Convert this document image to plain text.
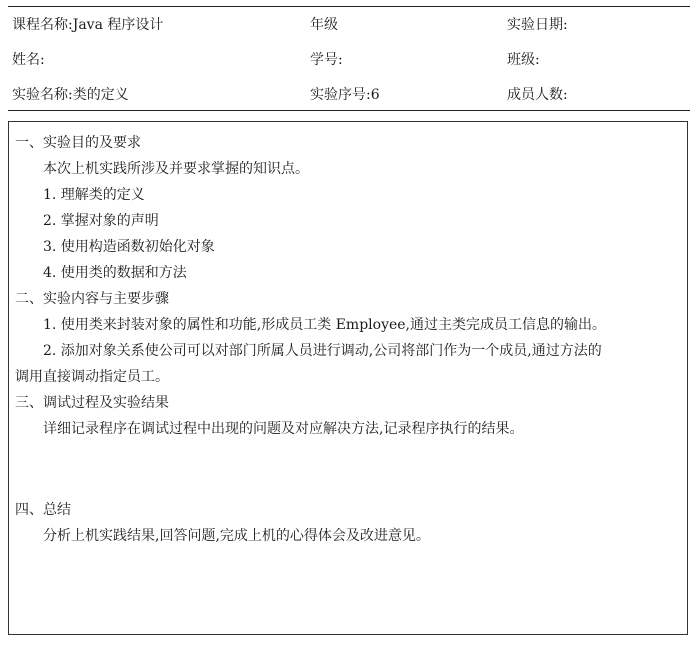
课程名称:Java 程序设计	年级	实验日期:
姓名:	学号:	班级:
实验名称:类的定义	实验序号:6	成员人数:
一、实验目的及要求
本次上机实践所涉及并要求掌握的知识点。
1. 理解类的定义
2. 掌握对象的声明
3. 使用构造函数初始化对象
4. 使用类的数据和方法
二、实验内容与主要步骤
1. 使用类来封装对象的属性和功能,形成员工类 Employee,通过主类完成员工信息的输出。
2. 添加对象关系使公司可以对部门所属人员进行调动,公司将部门作为一个成员,通过方法的
调用直接调动指定员工。
三、调试过程及实验结果
详细记录程序在调试过程中出现的问题及对应解决方法,记录程序执行的结果。
四、总结
分析上机实践结果,回答问题,完成上机的心得体会及改进意见。
